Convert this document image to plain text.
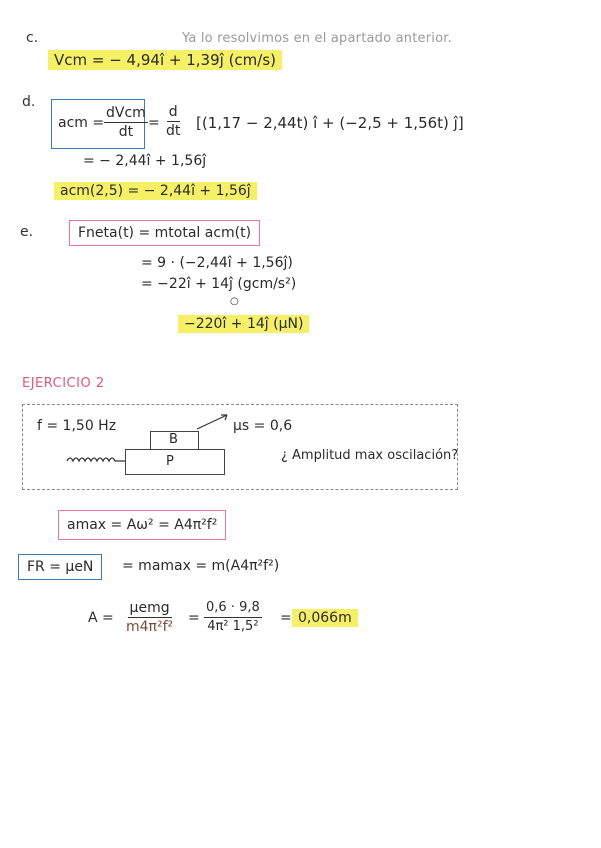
c.	Ya lo resolvimos en el apartado anterior.
Vcm = − 4,94î + 1,39ĵ (cm/s)
d.
acm =
dVcm
dt
= $\frac{d}{dt} [(1,17 - 2,44t)$ î + (−2,5 + 1,56t) ĵ]
= − 2,44î + 1,56ĵ
acm(2,5) = − 2,44î + 1,56ĵ
e.	Fneta(t) = mtotal acm(t)
= 9 · (−2,44î + 1,56ĵ)
= −22î + 14ĵ (gcm/s²)
○
−220î + 14ĵ (μN)
EJERCICIO 2
f = 1,50 Hz	μs = 0,6
B
P	¿ Amplitud max oscilación?
amax = Aω² = A4π²f²
FR = μeN	= mamax = m(A4π²f²)
A =
μemg
m4π²f²
= $\frac{0,6 \cdot 9,8}{\text{4π² 1,5²}} = 0,066m$
